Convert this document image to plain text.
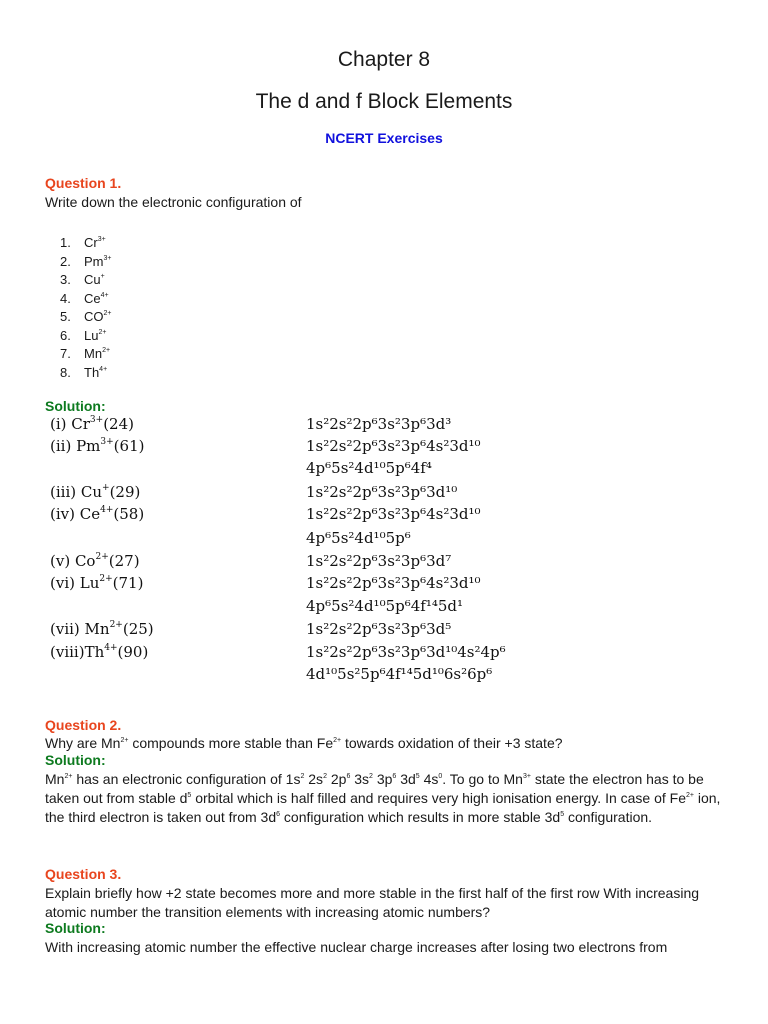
Chapter 8
The d and f Block Elements
NCERT Exercises
Question 1.
Write down the electronic configuration of
1. $Cr^{3+}$
2. $Pm^{3+}$
3. Cu+
4. $Ce^{4+}$
5. $CO^{2+}$
6. $Lu^{2+}$
7. $Mn^{2+}$
8. $Th^{4+}$
Solution:
(i) $Cr^{3+}(24)$	1s²2s²2p⁶3s²3p⁶3d³
(ii) $Pm^{3+}(61)$	1s²2s²2p⁶3s²3p⁶4s²3d¹⁰
4p⁶5s²4d¹⁰5p⁶4f⁴
(iii) Cu+(29)	1s²2s²2p⁶3s²3p⁶3d¹⁰
(iv) $Ce^{4+}(58)$	1s²2s²2p⁶3s²3p⁶4s²3d¹⁰
4p⁶5s²4d¹⁰5p⁶
(v) $Co^{2+}(27)$	1s²2s²2p⁶3s²3p⁶3d⁷
(vi) $Lu^{2+}(71)$	1s²2s²2p⁶3s²3p⁶4s²3d¹⁰
4p⁶5s²4d¹⁰5p⁶4f¹⁴5d¹
(vii) $Mn^{2+}(25)$	1s²2s²2p⁶3s²3p⁶3d⁵
$(viii)Th^{4+}(90)$	1s²2s²2p⁶3s²3p⁶3d¹⁰4s²4p⁶
4d¹⁰5s²5p⁶4f¹⁴5d¹⁰6s²6p⁶
Question 2.
Why are $Mn^{2+}$ compounds more stable than $Fe^{2+}$ towards oxidation of their +3 state?
Solution:
$Mn^{2+}$ has an electronic configuration of $1s^2$ $2s^2$ $2p^6$ $3s^2$ $3p^6$ $3d^5$ $4s^0$. To go to $Mn^{3+}$ state the electron has to be taken out from stable $d^5$ orbital which is half filled and requires very high ionisation energy. In case of $Fe^{2+}$ ion, the third electron is taken out from $3d^6$ configuration which results in more stable $3d^5$ configuration.
Question 3.
Explain briefly how +2 state becomes more and more stable in the first half of the first row With increasing atomic number the transition elements with increasing atomic numbers?
Solution:
With increasing atomic number the effective nuclear charge increases after losing two electrons from
